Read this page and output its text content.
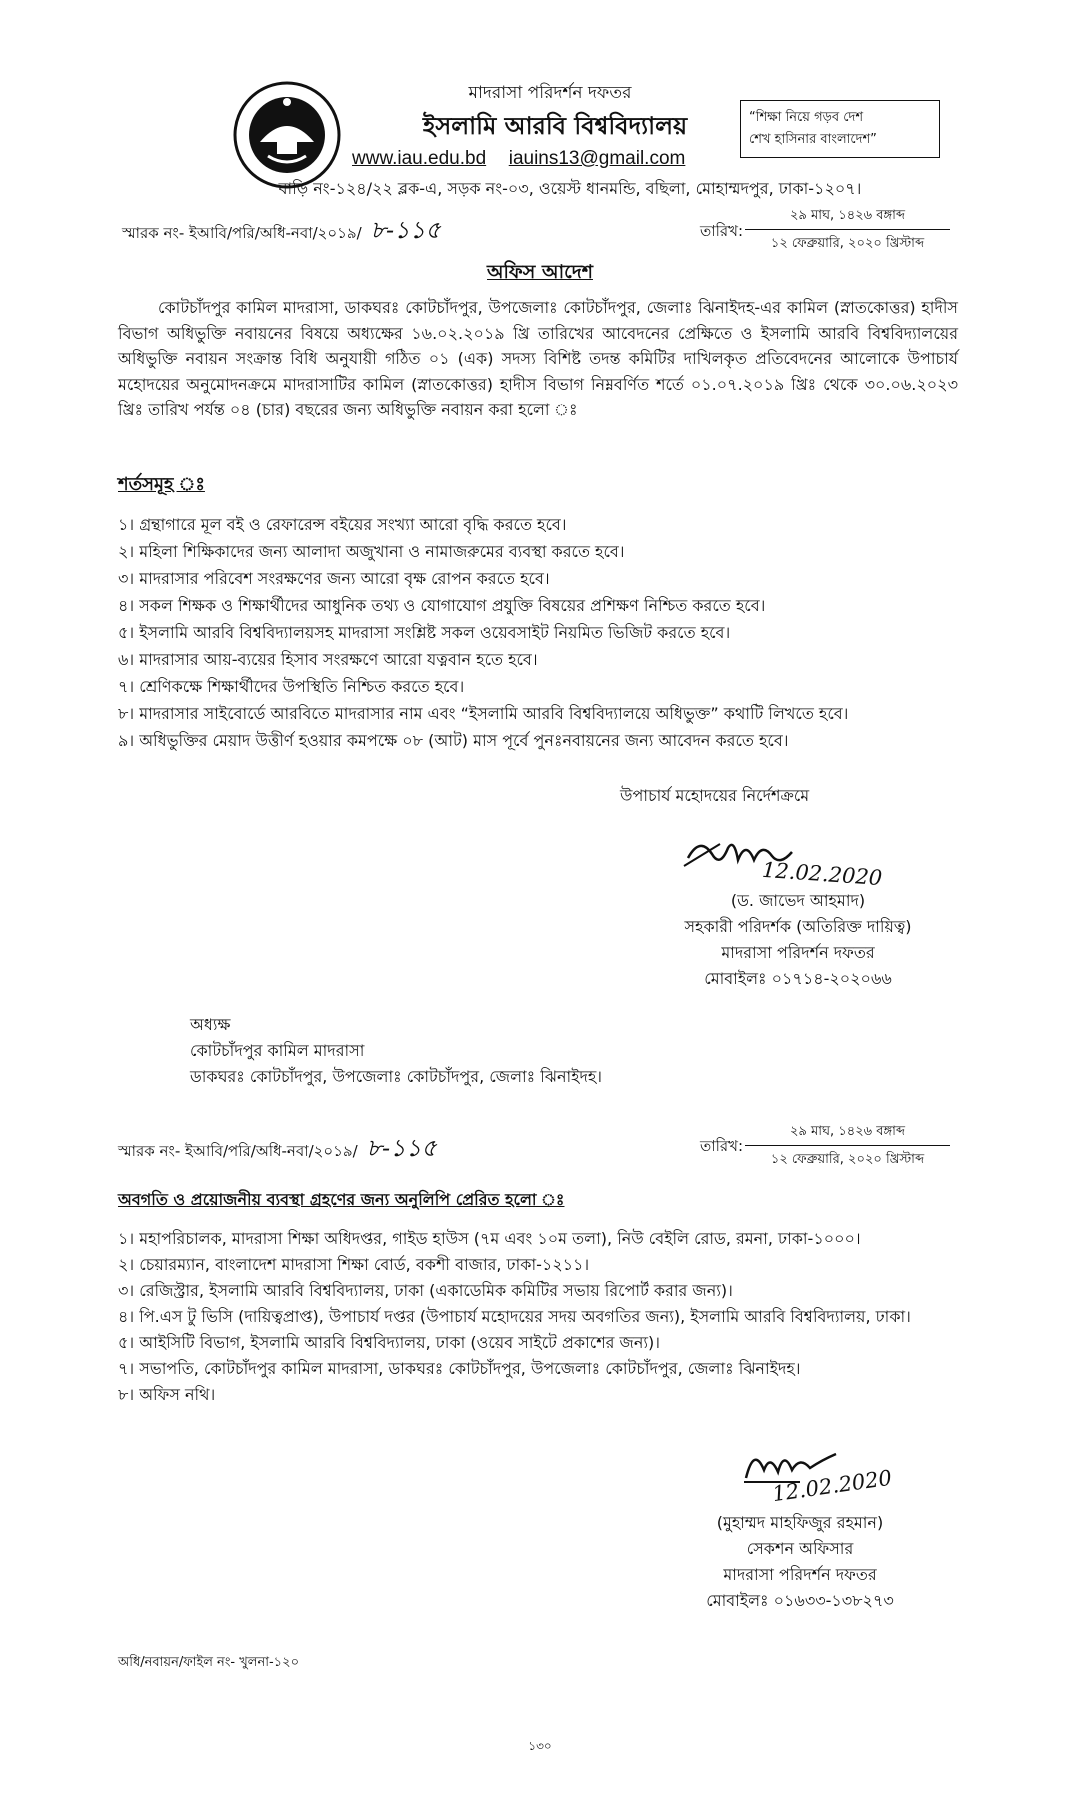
মাদরাসা পরিদর্শন দফতর
ইসলামি আরবি বিশ্ববিদ্যালয়
www.iau.edu.bd iauins13@gmail.com
বাড়ি নং-১২৪/২২ ব্লক-এ, সড়ক নং-০৩, ওয়েস্ট ধানমন্ডি, বছিলা, মোহাম্মদপুর, ঢাকা-১২০৭।
“শিক্ষা নিয়ে গড়ব দেশ
শেখ হাসিনার বাংলাদেশ”
স্মারক নং- ইআবি/পরি/অধি-নবা/২০১৯/ ৮-১১৫	তারিখ:
২৯ মাঘ, ১৪২৬ বঙ্গাব্দ
১২ ফেব্রুয়ারি, ২০২০ খ্রিস্টাব্দ
অফিস আদেশ
কোটচাঁদপুর কামিল মাদরাসা, ডাকঘরঃ কোটচাঁদপুর, উপজেলাঃ কোটচাঁদপুর, জেলাঃ ঝিনাইদহ-এর কামিল (স্নাতকোত্তর) হাদীস বিভাগ অধিভুক্তি নবায়নের বিষয়ে অধ্যক্ষের ১৬.০২.২০১৯ খ্রি তারিখের আবেদনের প্রেক্ষিতে ও ইসলামি আরবি বিশ্ববিদ্যালয়ের অধিভুক্তি নবায়ন সংক্রান্ত বিধি অনুযায়ী গঠিত ০১ (এক) সদস্য বিশিষ্ট তদন্ত কমিটির দাখিলকৃত প্রতিবেদনের আলোকে উপাচার্য মহোদয়ের অনুমোদনক্রমে মাদরাসাটির কামিল (স্নাতকোত্তর) হাদীস বিভাগ নিম্নবর্ণিত শর্তে ০১.০৭.২০১৯ খ্রিঃ থেকে ৩০.০৬.২০২৩ খ্রিঃ তারিখ পর্যন্ত ০৪ (চার) বছরের জন্য অধিভুক্তি নবায়ন করা হলো ঃ
শর্তসমূহ ঃ
১। গ্রন্থাগারে মূল বই ও রেফারেন্স বইয়ের সংখ্যা আরো বৃদ্ধি করতে হবে।
২। মহিলা শিক্ষিকাদের জন্য আলাদা অজুখানা ও নামাজরুমের ব্যবস্থা করতে হবে।
৩। মাদরাসার পরিবেশ সংরক্ষণের জন্য আরো বৃক্ষ রোপন করতে হবে।
৪। সকল শিক্ষক ও শিক্ষার্থীদের আধুনিক তথ্য ও যোগাযোগ প্রযুক্তি বিষয়ের প্রশিক্ষণ নিশ্চিত করতে হবে।
৫। ইসলামি আরবি বিশ্ববিদ্যালয়সহ মাদরাসা সংশ্লিষ্ট সকল ওয়েবসাইট নিয়মিত ভিজিট করতে হবে।
৬। মাদরাসার আয়-ব্যয়ের হিসাব সংরক্ষণে আরো যত্নবান হতে হবে।
৭। শ্রেণিকক্ষে শিক্ষার্থীদের উপস্থিতি নিশ্চিত করতে হবে।
৮। মাদরাসার সাইবোর্ডে আরবিতে মাদরাসার নাম এবং “ইসলামি আরবি বিশ্ববিদ্যালয়ে অধিভুক্ত” কথাটি লিখতে হবে।
৯। অধিভুক্তির মেয়াদ উত্তীর্ণ হওয়ার কমপক্ষে ০৮ (আট) মাস পূর্বে পুনঃনবায়নের জন্য আবেদন করতে হবে।
উপাচার্য মহোদয়ের নির্দেশক্রমে
12.02.2020
(ড. জাভেদ আহমাদ)
সহকারী পরিদর্শক (অতিরিক্ত দায়িত্ব)
মাদরাসা পরিদর্শন দফতর
মোবাইলঃ ০১৭১৪-২০২০৬৬
অধ্যক্ষ
কোটচাঁদপুর কামিল মাদরাসা
ডাকঘরঃ কোটচাঁদপুর, উপজেলাঃ কোটচাঁদপুর, জেলাঃ ঝিনাইদহ।
স্মারক নং- ইআবি/পরি/অধি-নবা/২০১৯/ ৮-১১৫	তারিখ:
২৯ মাঘ, ১৪২৬ বঙ্গাব্দ
১২ ফেব্রুয়ারি, ২০২০ খ্রিস্টাব্দ
অবগতি ও প্রয়োজনীয় ব্যবস্থা গ্রহণের জন্য অনুলিপি প্রেরিত হলো ঃ
১। মহাপরিচালক, মাদরাসা শিক্ষা অধিদপ্তর, গাইড হাউস (৭ম এবং ১০ম তলা), নিউ বেইলি রোড, রমনা, ঢাকা-১০০০।
২। চেয়ারম্যান, বাংলাদেশ মাদরাসা শিক্ষা বোর্ড, বকশী বাজার, ঢাকা-১২১১।
৩। রেজিস্ট্রার, ইসলামি আরবি বিশ্ববিদ্যালয়, ঢাকা (একাডেমিক কমিটির সভায় রিপোর্ট করার জন্য)।
৪। পি.এস টু ভিসি (দায়িত্বপ্রাপ্ত), উপাচার্য দপ্তর (উপাচার্য মহোদয়ের সদয় অবগতির জন্য), ইসলামি আরবি বিশ্ববিদ্যালয়, ঢাকা।
৫। আইসিটি বিভাগ, ইসলামি আরবি বিশ্ববিদ্যালয়, ঢাকা (ওয়েব সাইটে প্রকাশের জন্য)।
৭। সভাপতি, কোটচাঁদপুর কামিল মাদরাসা, ডাকঘরঃ কোটচাঁদপুর, উপজেলাঃ কোটচাঁদপুর, জেলাঃ ঝিনাইদহ।
৮। অফিস নথি।
12.02.2020
(মুহাম্মদ মাহফিজুর রহমান)
সেকশন অফিসার
মাদরাসা পরিদর্শন দফতর
মোবাইলঃ ০১৬৩৩-১৩৮২৭৩
অধি/নবায়ন/ফাইল নং- খুলনা-১২০
১৩০
